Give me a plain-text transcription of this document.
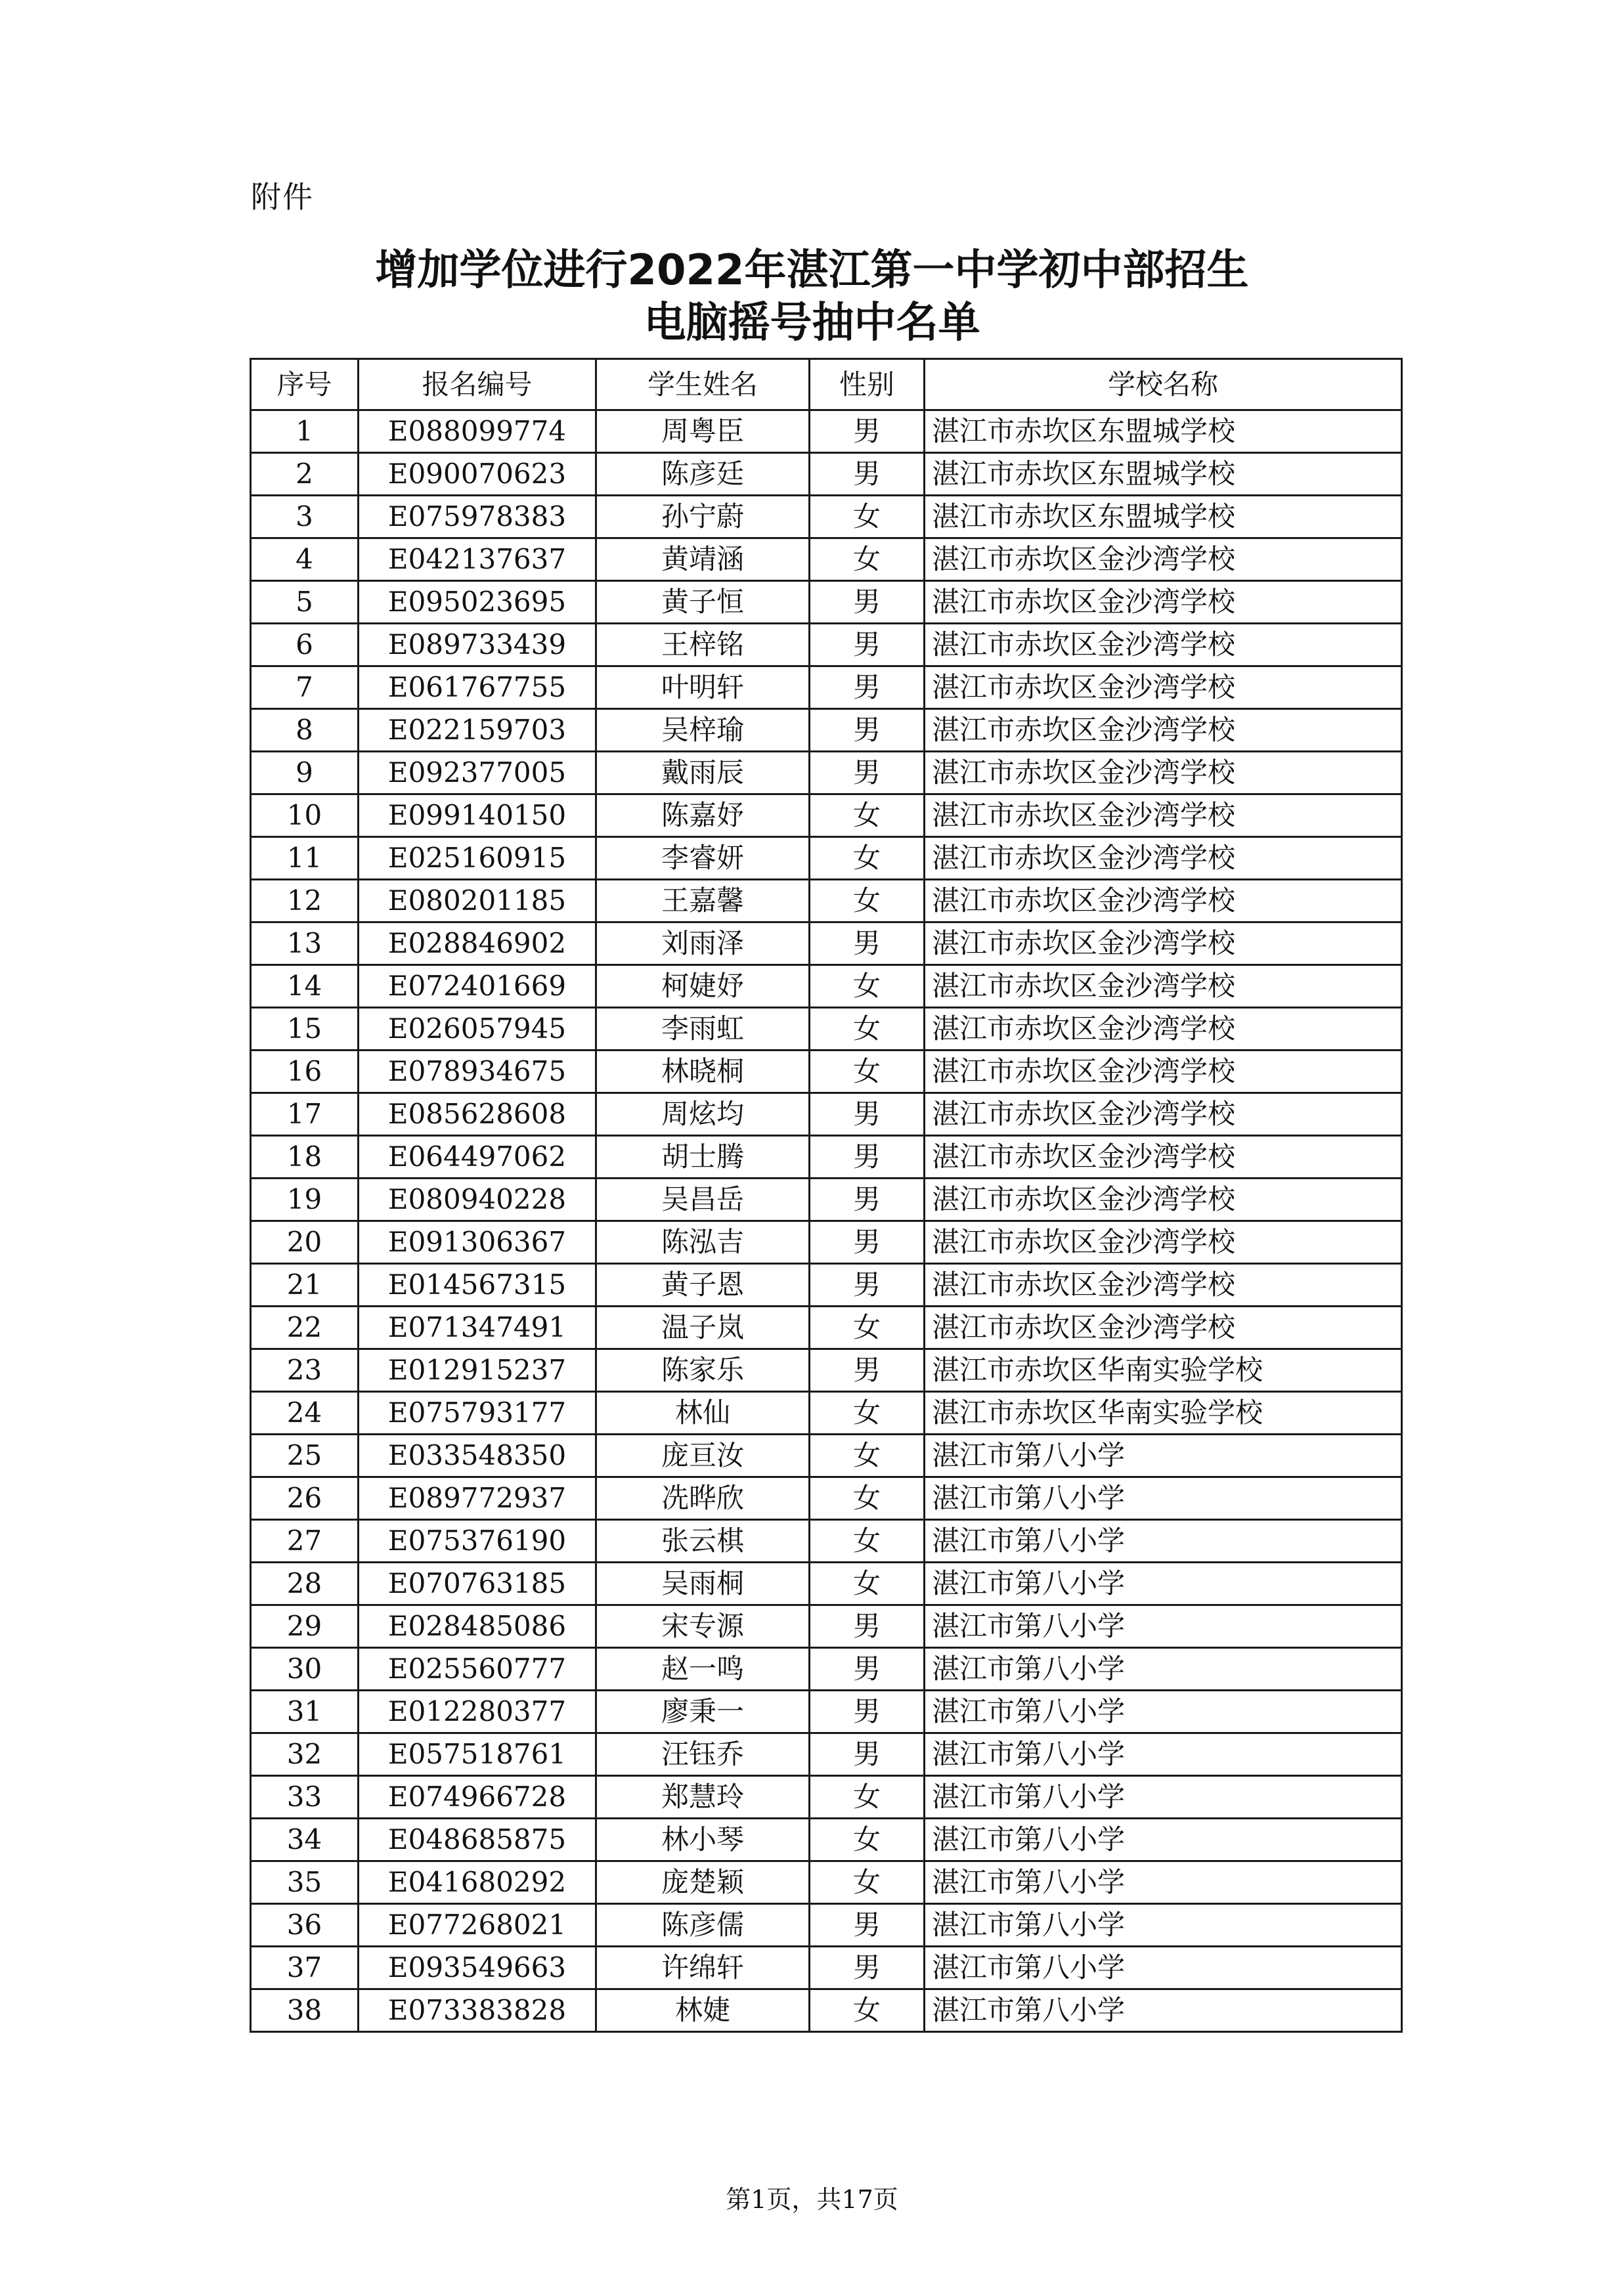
附件
增加学位进行2022年湛江第一中学初中部招生
电脑摇号抽中名单
序号	报名编号	学生姓名	性别	学校名称
1	E088099774	周粤臣	男	湛江市赤坎区东盟城学校
2	E090070623	陈彦廷	男	湛江市赤坎区东盟城学校
3	E075978383	孙宁蔚	女	湛江市赤坎区东盟城学校
4	E042137637	黄靖涵	女	湛江市赤坎区金沙湾学校
5	E095023695	黄子恒	男	湛江市赤坎区金沙湾学校
6	E089733439	王梓铭	男	湛江市赤坎区金沙湾学校
7	E061767755	叶明轩	男	湛江市赤坎区金沙湾学校
8	E022159703	吴梓瑜	男	湛江市赤坎区金沙湾学校
9	E092377005	戴雨辰	男	湛江市赤坎区金沙湾学校
10	E099140150	陈嘉妤	女	湛江市赤坎区金沙湾学校
11	E025160915	李睿妍	女	湛江市赤坎区金沙湾学校
12	E080201185	王嘉馨	女	湛江市赤坎区金沙湾学校
13	E028846902	刘雨泽	男	湛江市赤坎区金沙湾学校
14	E072401669	柯婕妤	女	湛江市赤坎区金沙湾学校
15	E026057945	李雨虹	女	湛江市赤坎区金沙湾学校
16	E078934675	林晓桐	女	湛江市赤坎区金沙湾学校
17	E085628608	周炫均	男	湛江市赤坎区金沙湾学校
18	E064497062	胡士腾	男	湛江市赤坎区金沙湾学校
19	E080940228	吴昌岳	男	湛江市赤坎区金沙湾学校
20	E091306367	陈泓吉	男	湛江市赤坎区金沙湾学校
21	E014567315	黄子恩	男	湛江市赤坎区金沙湾学校
22	E071347491	温子岚	女	湛江市赤坎区金沙湾学校
23	E012915237	陈家乐	男	湛江市赤坎区华南实验学校
24	E075793177	林仙	女	湛江市赤坎区华南实验学校
25	E033548350	庞亘汝	女	湛江市第八小学
26	E089772937	冼晔欣	女	湛江市第八小学
27	E075376190	张云棋	女	湛江市第八小学
28	E070763185	吴雨桐	女	湛江市第八小学
29	E028485086	宋专源	男	湛江市第八小学
30	E025560777	赵一鸣	男	湛江市第八小学
31	E012280377	廖秉一	男	湛江市第八小学
32	E057518761	汪钰乔	男	湛江市第八小学
33	E074966728	郑慧玲	女	湛江市第八小学
34	E048685875	林小琴	女	湛江市第八小学
35	E041680292	庞楚颖	女	湛江市第八小学
36	E077268021	陈彦儒	男	湛江市第八小学
37	E093549663	许绵轩	男	湛江市第八小学
38	E073383828	林婕	女	湛江市第八小学
第1页，共17页
